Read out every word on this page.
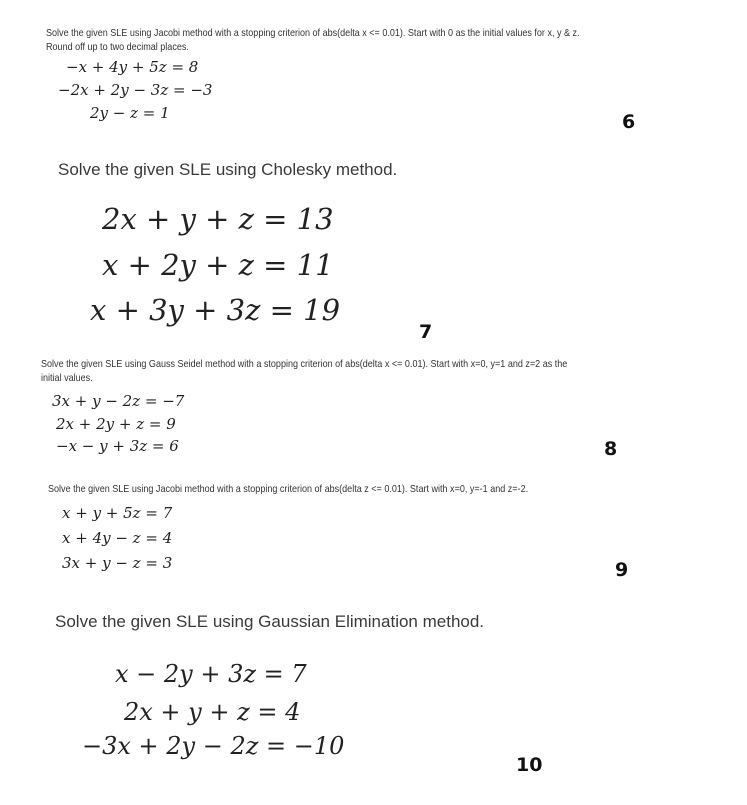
Solve the given SLE using Jacobi method with a stopping criterion of abs(delta x <= 0.01). Start with 0 as the initial values for x, y & z.
Round off up to two decimal places.
−x + 4y + 5z = 8
−2x + 2y − 3z = −3
2y − z = 1	6
Solve the given SLE using Cholesky method.
2x + y + z = 13
x + 2y + z = 11
x + 3y + 3z = 19
7
Solve the given SLE using Gauss Seidel method with a stopping criterion of abs(delta x <= 0.01). Start with x=0, y=1 and z=2 as the
initial values.
3x + y − 2z = −7
2x + 2y + z = 9
−x − y + 3z = 6	8
Solve the given SLE using Jacobi method with a stopping criterion of abs(delta z <= 0.01). Start with x=0, y=-1 and z=-2.
x + y + 5z = 7
x + 4y − z = 4
3x + y − z = 3	9
Solve the given SLE using Gaussian Elimination method.
x − 2y + 3z = 7
2x + y + z = 4
−3x + 2y − 2z = −10
10
